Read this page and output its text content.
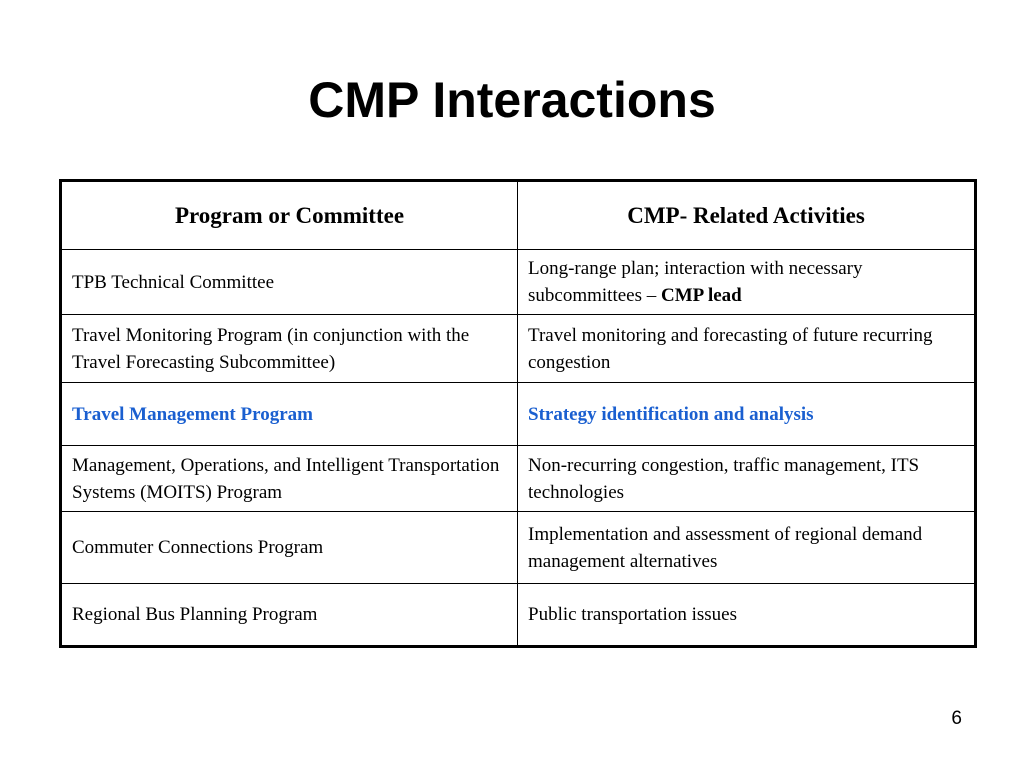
CMP Interactions
Program or Committee	CMP- Related Activities
TPB Technical Committee	Long-range plan; interaction with necessary subcommittees – CMP lead
Travel Monitoring Program (in conjunction with the Travel Forecasting Subcommittee)	Travel monitoring and forecasting of future recurring congestion
Travel Management Program	Strategy identification and analysis
Management, Operations, and Intelligent Transportation Systems (MOITS) Program	Non-recurring congestion, traffic management, ITS technologies
Commuter Connections Program	Implementation and assessment of regional demand management alternatives
Regional Bus Planning Program	Public transportation issues
6
